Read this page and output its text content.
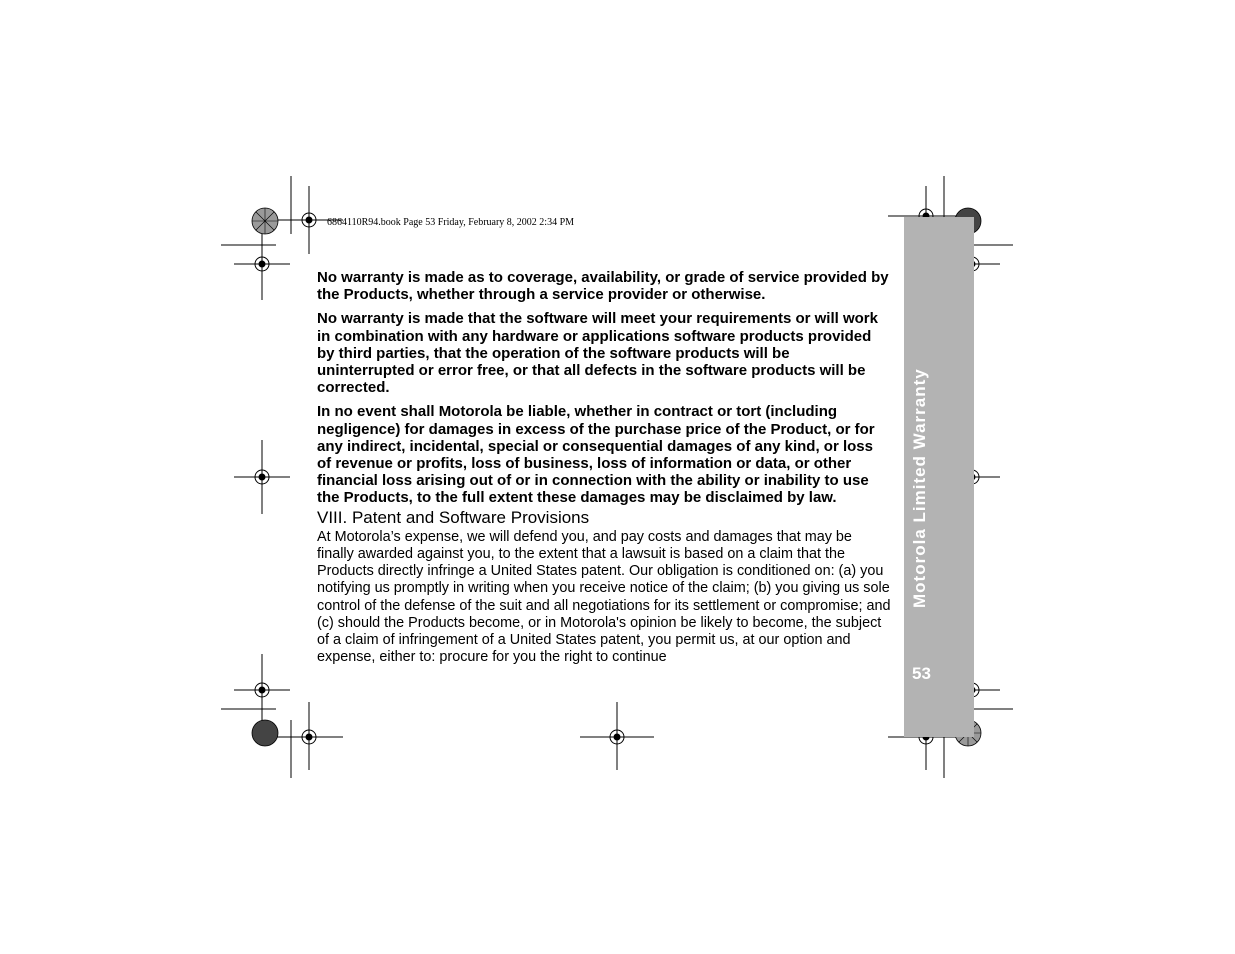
Motorola Limited Warranty
53
6864110R94.book Page 53 Friday, February 8, 2002 2:34 PM

No warranty is made as to coverage, availability, or grade of service provided by the Products, whether through a service provider or otherwise.

No warranty is made that the software will meet your requirements or will work in combination with any hardware or applications software products provided by third parties, that the operation of the software products will be uninterrupted or error free, or that all defects in the software products will be corrected.

In no event shall Motorola be liable, whether in contract or tort (including negligence) for damages in excess of the purchase price of the Product, or for any indirect, incidental, special or consequential damages of any kind, or loss of revenue or profits, loss of business, loss of information or data, or other financial loss arising out of or in connection with the ability or inability to use the Products, to the full extent these damages may be disclaimed by law.

VIII. Patent and Software Provisions

At Motorola’s expense, we will defend you, and pay costs and damages that may be finally awarded against you, to the extent that a lawsuit is based on a claim that the Products directly infringe a United States patent. Our obligation is conditioned on: (a) you notifying us promptly in writing when you receive notice of the claim; (b) you giving us sole control of the defense of the suit and all negotiations for its settlement or compromise; and (c) should the Products become, or in Motorola's opinion be likely to become, the subject of a claim of infringement of a United States patent, you permit us, at our option and expense, either to: procure for you the right to continue
